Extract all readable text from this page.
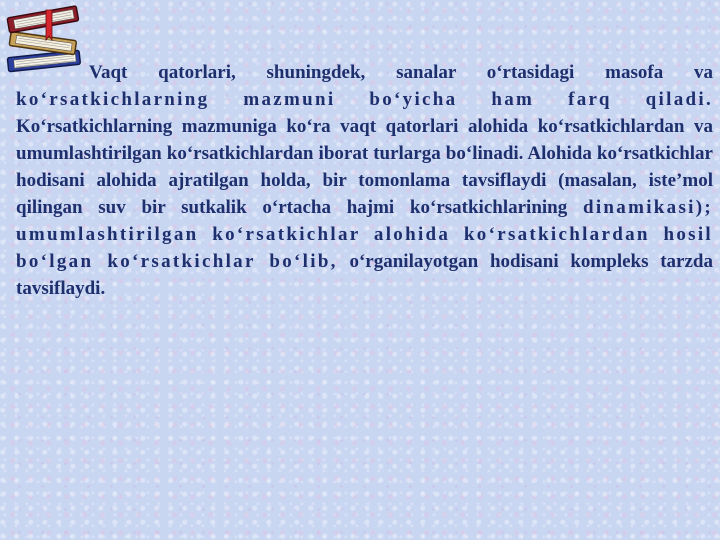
Vaqt qatorlari, shuningdek, sanalar o‘rtasidagi masofa va ko‘rsatkichlarning mazmuni bo‘yicha ham farq qiladi. Ko‘rsatkichlarning mazmuniga ko‘ra vaqt qatorlari alohida ko‘rsatkichlardan va umumlashtirilgan ko‘rsatkichlardan iborat turlarga bo‘linadi. Alohida ko‘rsatkichlar hodisani alohida ajratilgan holda, bir tomonlama tavsiflaydi (masalan, iste’mol qilingan suv bir sutkalik o‘rtacha hajmi ko‘rsatkichlarining dinamikasi); umumlashtirilgan ko‘rsatkichlar alohida ko‘rsatkichlardan hosil bo‘lgan ko‘rsatkichlar bo‘lib, o‘rganilayotgan hodisani kompleks tarzda tavsiflaydi.
